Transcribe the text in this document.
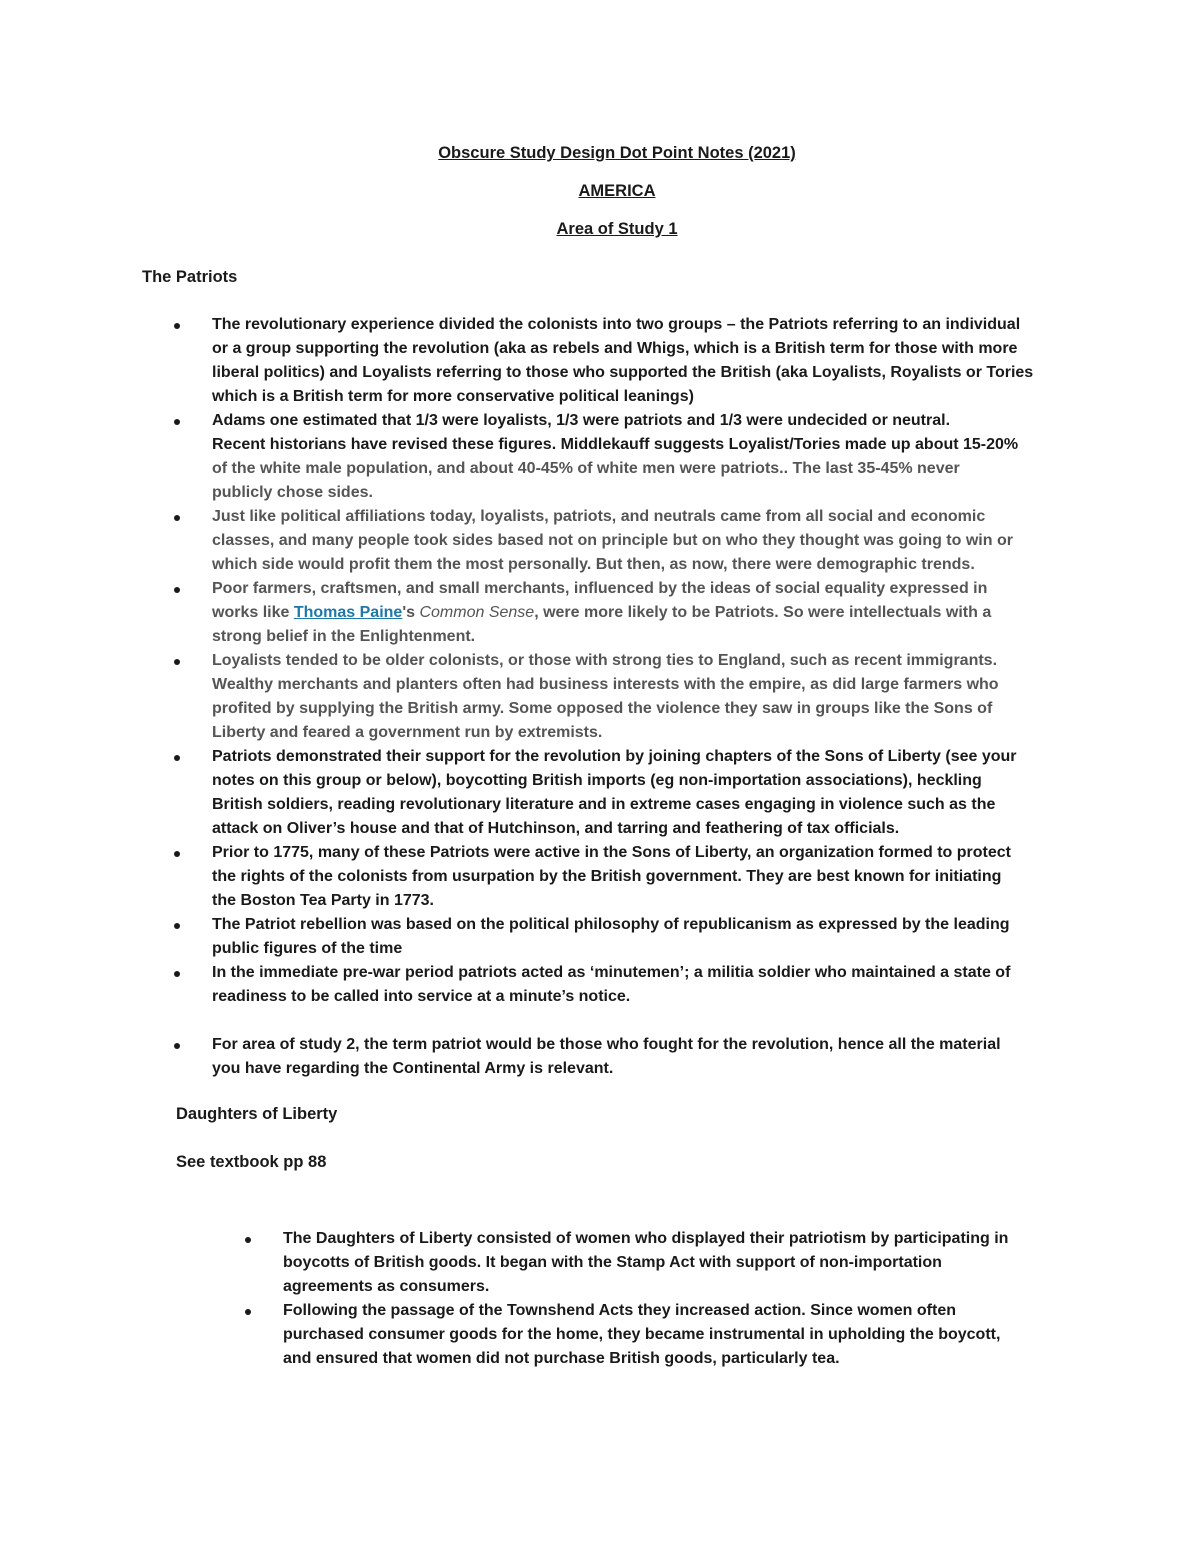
Obscure Study Design Dot Point Notes (2021)
AMERICA
Area of Study 1
The Patriots
The revolutionary experience divided the colonists into two groups – the Patriots referring to an individual
or a group supporting the revolution (aka as rebels and Whigs, which is a British term for those with more
liberal politics) and Loyalists referring to those who supported the British (aka Loyalists, Royalists or Tories
which is a British term for more conservative political leanings)
Adams one estimated that 1/3 were loyalists, 1/3 were patriots and 1/3 were undecided or neutral.
Recent historians have revised these figures. Middlekauff suggests Loyalist/Tories made up about 15-20%
of the white male population, and about 40-45% of white men were patriots.. The last 35-45% never
publicly chose sides.
Just like political affiliations today, loyalists, patriots, and neutrals came from all social and economic
classes, and many people took sides based not on principle but on who they thought was going to win or
which side would profit them the most personally. But then, as now, there were demographic trends.
Poor farmers, craftsmen, and small merchants, influenced by the ideas of social equality expressed in
works like Thomas Paine's Common Sense, were more likely to be Patriots. So were intellectuals with a
strong belief in the Enlightenment.
Loyalists tended to be older colonists, or those with strong ties to England, such as recent immigrants.
Wealthy merchants and planters often had business interests with the empire, as did large farmers who
profited by supplying the British army. Some opposed the violence they saw in groups like the Sons of
Liberty and feared a government run by extremists.
Patriots demonstrated their support for the revolution by joining chapters of the Sons of Liberty (see your
notes on this group or below), boycotting British imports (eg non-importation associations), heckling
British soldiers, reading revolutionary literature and in extreme cases engaging in violence such as the
attack on Oliver’s house and that of Hutchinson, and tarring and feathering of tax officials.
Prior to 1775, many of these Patriots were active in the Sons of Liberty, an organization formed to protect
the rights of the colonists from usurpation by the British government. They are best known for initiating
the Boston Tea Party in 1773.
The Patriot rebellion was based on the political philosophy of republicanism as expressed by the leading
public figures of the time
In the immediate pre-war period patriots acted as ‘minutemen’; a militia soldier who maintained a state of
readiness to be called into service at a minute’s notice.
For area of study 2, the term patriot would be those who fought for the revolution, hence all the material
you have regarding the Continental Army is relevant.
Daughters of Liberty
See textbook pp 88
The Daughters of Liberty consisted of women who displayed their patriotism by participating in
boycotts of British goods. It began with the Stamp Act with support of non-importation
agreements as consumers.
Following the passage of the Townshend Acts they increased action. Since women often
purchased consumer goods for the home, they became instrumental in upholding the boycott,
and ensured that women did not purchase British goods, particularly tea.
